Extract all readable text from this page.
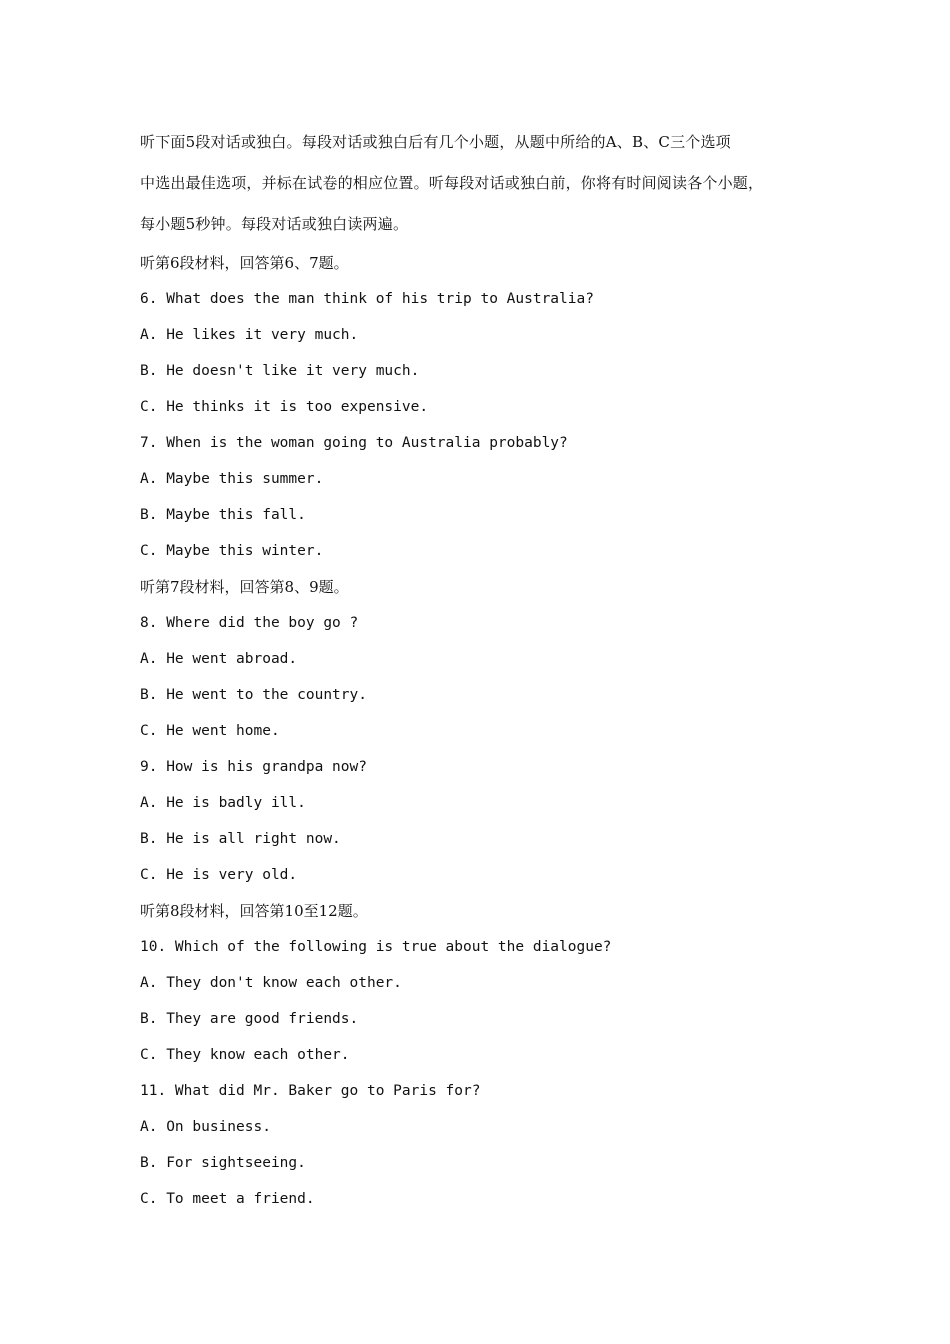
听下面5段对话或独白。每段对话或独白后有几个小题，从题中所给的A、B、C三个选项
中选出最佳选项，并标在试卷的相应位置。听每段对话或独白前，你将有时间阅读各个小题，
每小题5秒钟。每段对话或独白读两遍。
听第6段材料，回答第6、7题。
6. What does the man think of his trip to Australia?
A. He likes it very much.
B. He doesn't like it very much.
C. He thinks it is too expensive.
7. When is the woman going to Australia probably?
A. Maybe this summer.
B. Maybe this fall.
C. Maybe this winter.
听第7段材料，回答第8、9题。
8. Where did the boy go ?
A. He went abroad.
B. He went to the country.
C. He went home.
9. How is his grandpa now?
A. He is badly ill.
B. He is all right now.
C. He is very old.
听第8段材料，回答第10至12题。
10. Which of the following is true about the dialogue?
A. They don't know each other.
B. They are good friends.
C. They know each other.
11. What did Mr. Baker go to Paris for?
A. On business.
B. For sightseeing.
C. To meet a friend.
